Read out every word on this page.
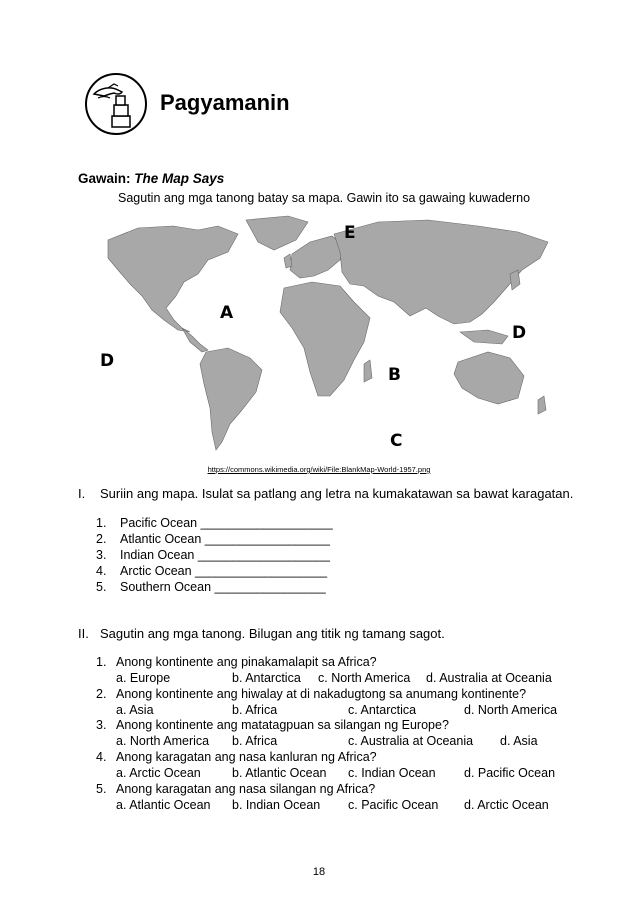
Pagyamanin
Gawain: The Map Says
Sagutin ang mga tanong batay sa mapa. Gawin ito sa gawaing kuwaderno
E
A
D
D
B
C
https://commons.wikimedia.org/wiki/File:BlankMap-World-1957.png
I. Suriin ang mapa. Isulat sa patlang ang letra na kumakatawan sa bawat karagatan.
1. Pacific Ocean ___________________
2. Atlantic Ocean __________________
3. Indian Ocean ___________________
4. Arctic Ocean ___________________
5. Southern Ocean ________________
II. Sagutin ang mga tanong. Bilugan ang titik ng tamang sagot.
1. Anong kontinente ang pinakamalapit sa Africa?
a. Europe	b. Antarctica c. North America d. Australia at Oceania
2. Anong kontinente ang hiwalay at di nakadugtong sa anumang kontinente?
a. Asia	b. Africa	c. Antarctica	d. North America
3. Anong kontinente ang matatagpuan sa silangan ng Europe?
a. North America b. Africa	c. Australia at Oceania d. Asia
4. Anong karagatan ang nasa kanluran ng Africa?
a. Arctic Ocean b. Atlantic Ocean c. Indian Ocean d. Pacific Ocean
5. Anong karagatan ang nasa silangan ng Africa?
a. Atlantic Ocean b. Indian Ocean c. Pacific Ocean d. Arctic Ocean
18
